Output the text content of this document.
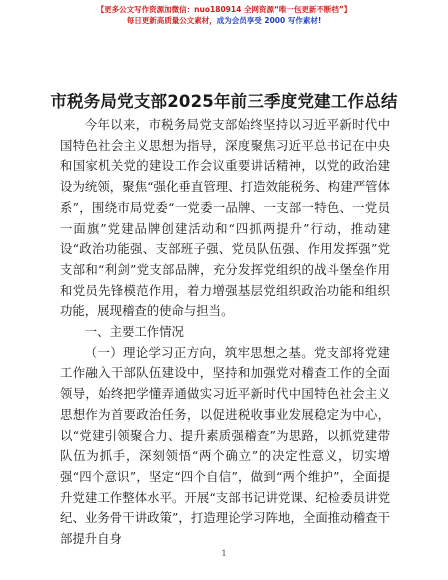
【更多公文写作资源加微信：nuo180914 全网资源“唯一包更新不断档”】
每日更新高质量公文素材，成为会员享受 2000 写作素材!
市税务局党支部2025年前三季度党建工作总结

今年以来，市税务局党支部始终坚持以习近平新时代中国特色社会主义思想为指导，深度聚焦习近平总书记在中央和国家机关党的建设工作会议重要讲话精神，以党的政治建设为统领，聚焦“强化垂直管理、打造效能税务、构建严管体系”，围绕市局党委“一党委一品牌、一支部一特色、一党员一面旗”党建品牌创建活动和“四抓两提升”行动，推动建设“政治功能强、支部班子强、党员队伍强、作用发挥强”党支部和“利剑”党支部品牌，充分发挥党组织的战斗堡垒作用和党员先锋模范作用，着力增强基层党组织政治功能和组织功能，展现稽查的使命与担当。

一、主要工作情况

（一）理论学习正方向，筑牢思想之基。党支部将党建工作融入干部队伍建设中，坚持和加强党对稽查工作的全面领导，始终把学懂弄通做实习近平新时代中国特色社会主义思想作为首要政治任务，以促进税收事业发展稳定为中心，以“党建引领聚合力、提升素质强稽查”为思路，以抓党建带队伍为抓手，深刻领悟“两个确立”的决定性意义，切实增强“四个意识”，坚定“四个自信”，做到“两个维护”，全面提升党建工作整体水平。开展“支部书记讲党课、纪检委员讲党纪、业务骨干讲政策”，打造理论学习阵地，全面推动稽查干部提升自身

1
